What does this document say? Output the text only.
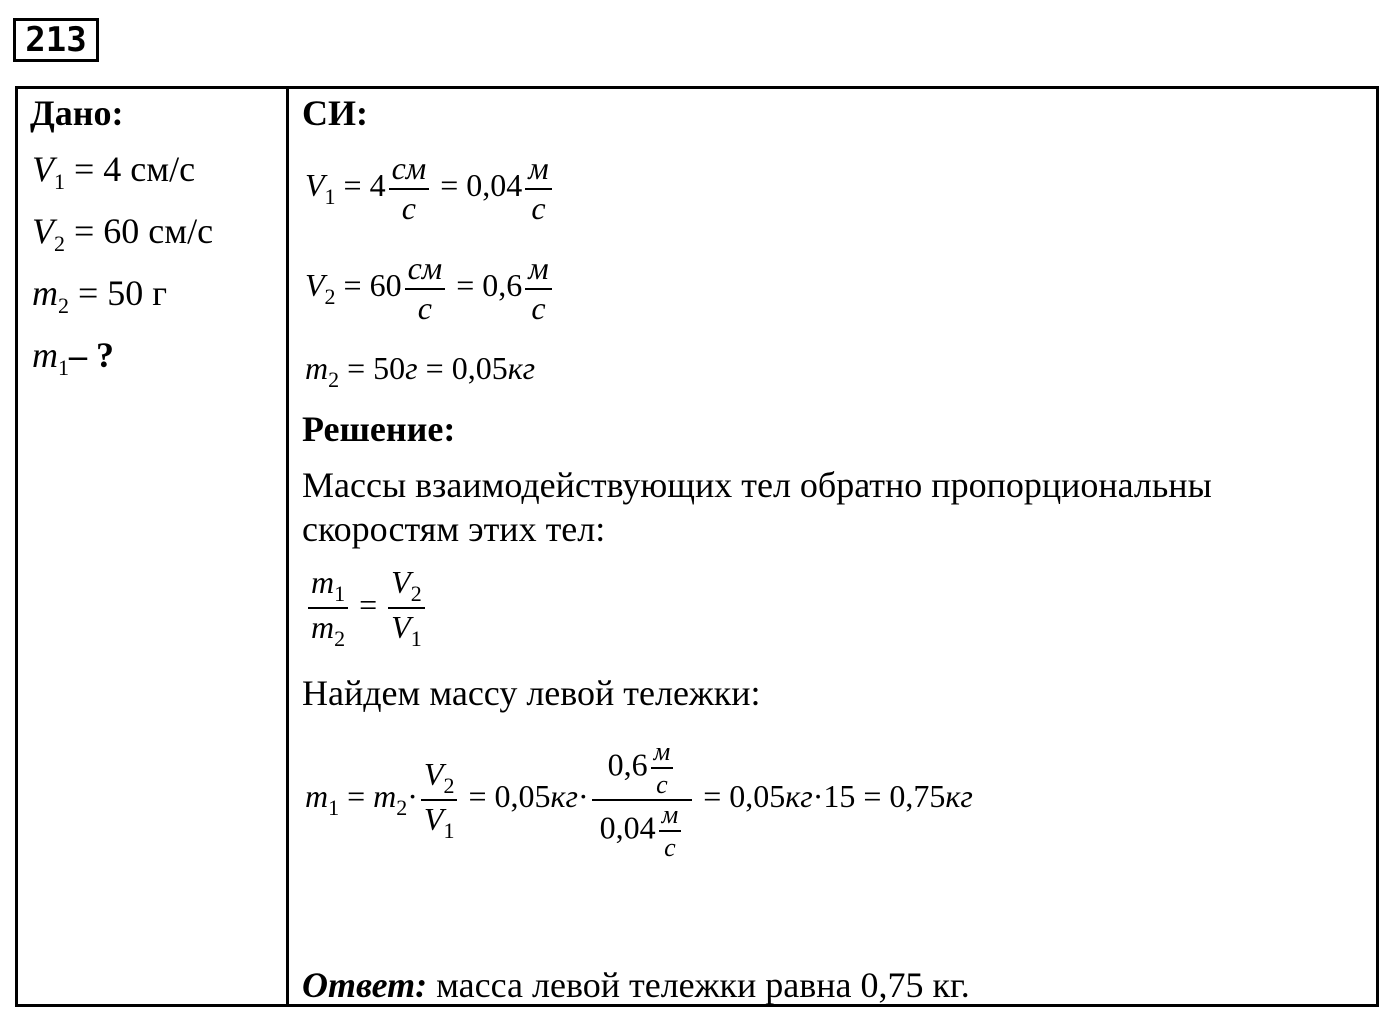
213
Дано:
$V_1 = 4$ см/с
$V_2 = 60$ см/с
$m_2 = 50$ г
$m_1-$ ?
СИ:
$V_1 = 4 \frac{см}{с} = 0,04 \frac{м}{с}$
$V_2 = 60 \frac{см}{с} = 0,6 \frac{м}{с}$
$m_2 = 50г = 0,05кг$
Решение:
Массы взаимодействующих тел обратно пропорциональны
скоростям этих тел:
$\frac{m_1}{m_2} = \frac{V_2}{V_1}$
Найдем массу левой тележки:
$m_1 = m_2\cdot \frac{V_2}{V_1} = 0,05кг\cdot \frac{0,6 \frac{м}{с}}{0,04 \frac{м}{с}} = 0,05кг\cdot 15 = 0,75кг$
Ответ: масса левой тележки равна 0,75 кг.
